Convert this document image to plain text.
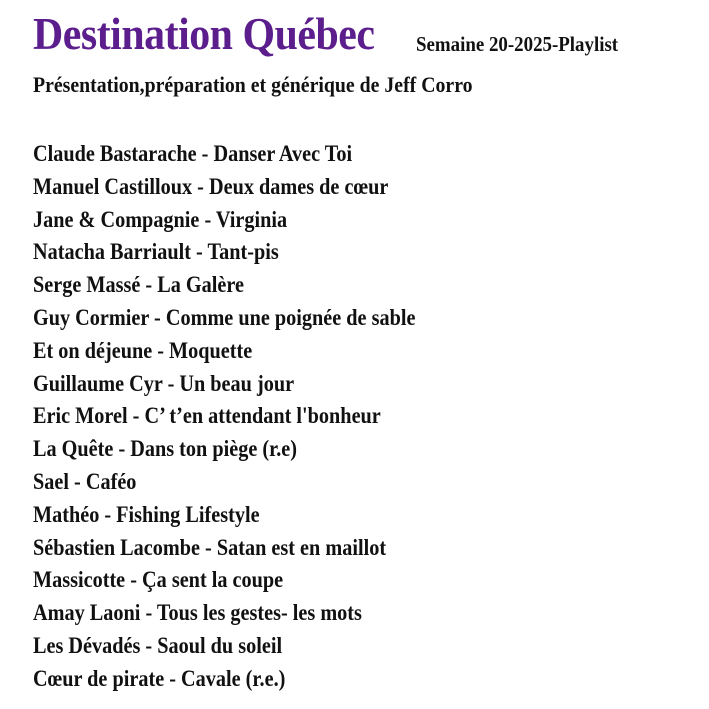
Destination Québec	Semaine 20-2025-Playlist
Présentation,préparation et générique de Jeff Corro
Claude Bastarache - Danser Avec Toi
Manuel Castilloux - Deux dames de cœur
Jane & Compagnie - Virginia
Natacha Barriault - Tant-pis
Serge Massé - La Galère
Guy Cormier - Comme une poignée de sable
Et on déjeune - Moquette
Guillaume Cyr - Un beau jour
Eric Morel - C’ t’en attendant l'bonheur
La Quête - Dans ton piège (r.e)
Sael - Caféo
Mathéo - Fishing Lifestyle
Sébastien Lacombe - Satan est en maillot
Massicotte - Ça sent la coupe
Amay Laoni - Tous les gestes- les mots
Les Dévadés - Saoul du soleil
Cœur de pirate - Cavale (r.e.)
